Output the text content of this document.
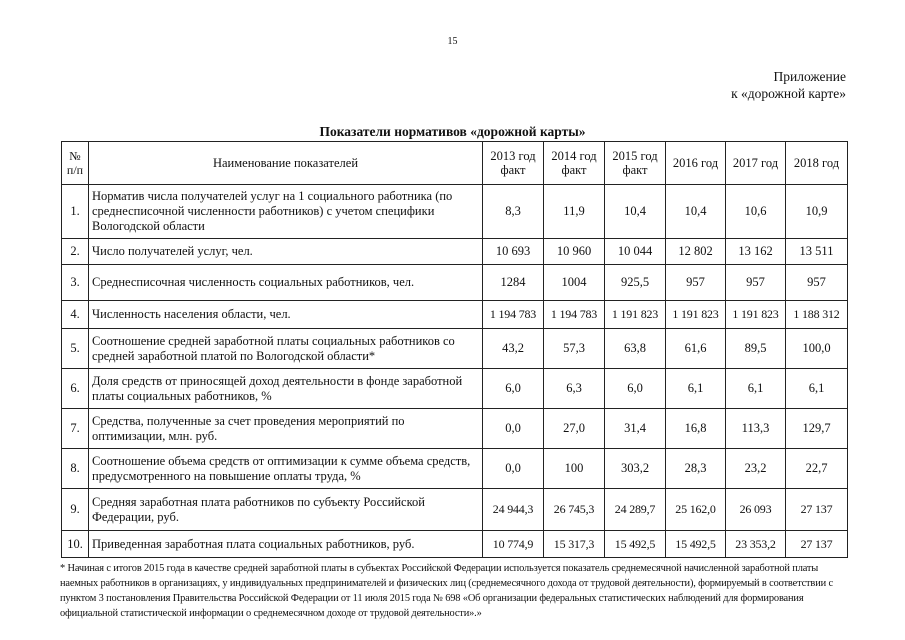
15
Приложение
к «дорожной карте»
Показатели нормативов «дорожной карты»
№ п/п	Наименование показателей	2013 год факт	2014 год факт	2015 год факт	2016 год	2017 год	2018 год
1.	Норматив числа получателей услуг на 1 социального работника (по среднесписочной численности работников) с учетом специфики Вологодской области	8,3	11,9	10,4	10,4	10,6	10,9
2.	Число получателей услуг, чел.	10 693	10 960	10 044	12 802	13 162	13 511
3.	Среднесписочная численность социальных работников, чел.	1284	1004	925,5	957	957	957
4.	Численность населения области, чел.	1 194 783	1 194 783	1 191 823	1 191 823	1 191 823	1 188 312
5.	Соотношение средней заработной платы социальных работников со средней заработной платой по Вологодской области*	43,2	57,3	63,8	61,6	89,5	100,0
6.	Доля средств от приносящей доход деятельности в фонде заработной платы социальных работников, %	6,0	6,3	6,0	6,1	6,1	6,1
7.	Средства, полученные за счет проведения мероприятий по оптимизации, млн. руб.	0,0	27,0	31,4	16,8	113,3	129,7
8.	Соотношение объема средств от оптимизации к сумме объема средств, предусмотренного на повышение оплаты труда, %	0,0	100	303,2	28,3	23,2	22,7
9.	Средняя заработная плата работников по субъекту Российской Федерации, руб.	24 944,3	26 745,3	24 289,7	25 162,0	26 093	27 137
10.	Приведенная заработная плата социальных работников, руб.	10 774,9	15 317,3	15 492,5	15 492,5	23 353,2	27 137
* Начиная с итогов 2015 года в качестве средней заработной платы в субъектах Российской Федерации используется показатель среднемесячной начисленной заработной платы наемных работников в организациях, у индивидуальных предпринимателей и физических лиц (среднемесячного дохода от трудовой деятельности), формируемый в соответствии с пунктом 3 постановления Правительства Российской Федерации от 11 июля 2015 года № 698 «Об организации федеральных статистических наблюдений для формирования официальной статистической информации о среднемесячном доходе от трудовой деятельности».»
